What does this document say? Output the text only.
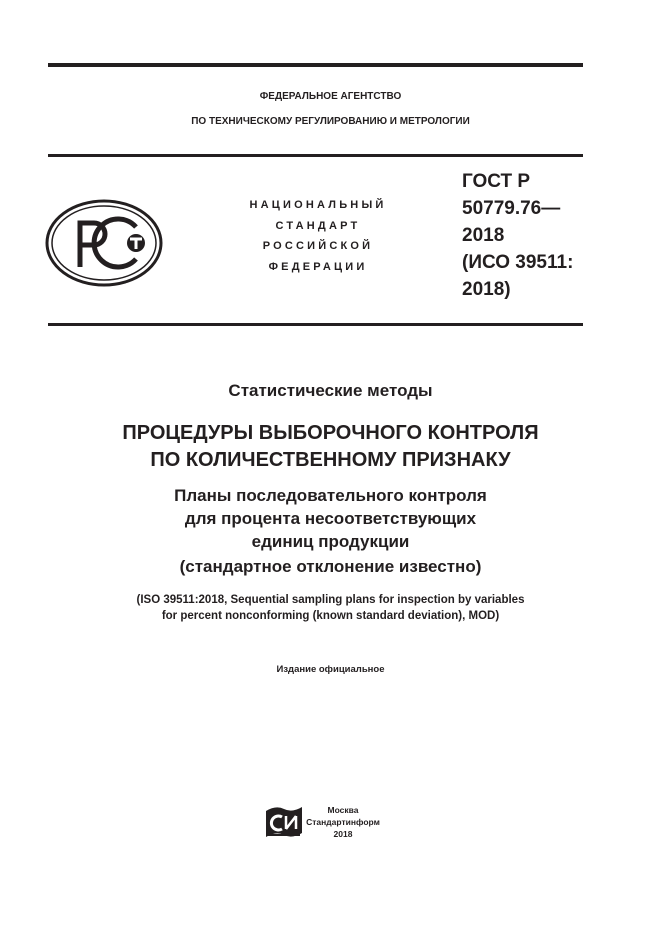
ФЕДЕРАЛЬНОЕ АГЕНТСТВО
ПО ТЕХНИЧЕСКОМУ РЕГУЛИРОВАНИЮ И МЕТРОЛОГИИ
НАЦИОНАЛЬНЫЙ
СТАНДАРТ
РОССИЙСКОЙ
ФЕДЕРАЦИИ
ГОСТ Р
50779.76—
2018
(ИСО 39511:
2018)
Статистические методы
ПРОЦЕДУРЫ ВЫБОРОЧНОГО КОНТРОЛЯ
ПО КОЛИЧЕСТВЕННОМУ ПРИЗНАКУ
Планы последовательного контроля
для процента несоответствующих
единиц продукции
(стандартное отклонение известно)
(ISO 39511:2018, Sequential sampling plans for inspection by variables
for percent nonconforming (known standard deviation), MOD)
Издание официальное
Москва
Стандартинформ
2018
